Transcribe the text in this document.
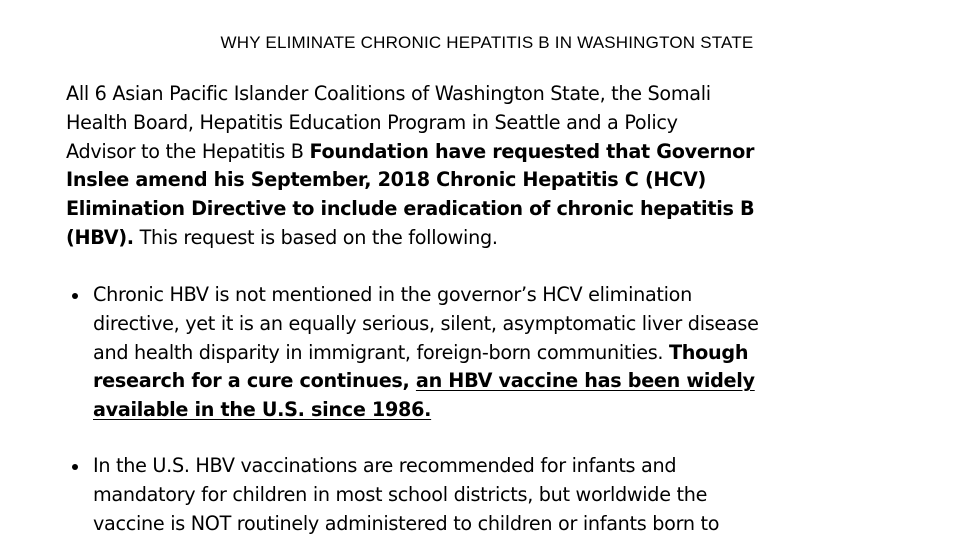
WHY ELIMINATE CHRONIC HEPATITIS B IN WASHINGTON STATE
All 6 Asian Pacific Islander Coalitions of Washington State, the Somali
Health Board, Hepatitis Education Program in Seattle and a Policy
Advisor to the Hepatitis B Foundation have requested that Governor
Inslee amend his September, 2018 Chronic Hepatitis C (HCV)
Elimination Directive to include eradication of chronic hepatitis B
(HBV). This request is based on the following.
Chronic HBV is not mentioned in the governor’s HCV elimination
directive, yet it is an equally serious, silent, asymptomatic liver disease
and health disparity in immigrant, foreign-born communities. Though
research for a cure continues, an HBV vaccine has been widely
available in the U.S. since 1986.
In the U.S. HBV vaccinations are recommended for infants and
mandatory for children in most school districts, but worldwide the
vaccine is NOT routinely administered to children or infants born to
